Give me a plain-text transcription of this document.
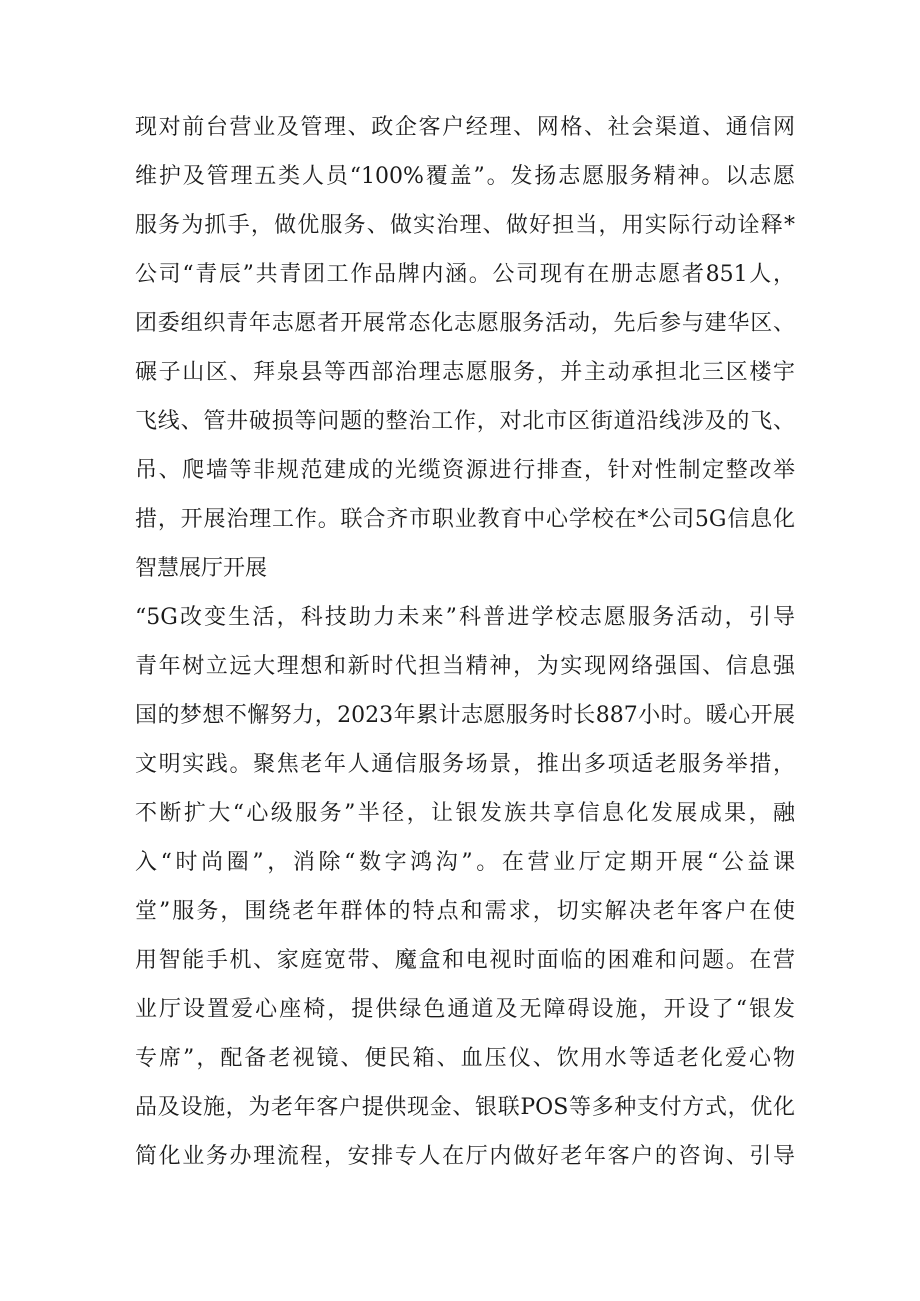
现对前台营业及管理、政企客户经理、网格、社会渠道、通信网
维护及管理五类人员“100%覆盖”。发扬志愿服务精神。以志愿
服务为抓手，做优服务、做实治理、做好担当，用实际行动诠释*
公司“青辰”共青团工作品牌内涵。公司现有在册志愿者851人，
团委组织青年志愿者开展常态化志愿服务活动，先后参与建华区、
碾子山区、拜泉县等西部治理志愿服务，并主动承担北三区楼宇
飞线、管井破损等问题的整治工作，对北市区街道沿线涉及的飞、
吊、爬墙等非规范建成的光缆资源进行排查，针对性制定整改举
措，开展治理工作。联合齐市职业教育中心学校在*公司5G信息化
智慧展厅开展
“5G改变生活，科技助力未来”科普进学校志愿服务活动，引导
青年树立远大理想和新时代担当精神，为实现网络强国、信息强
国的梦想不懈努力，2023年累计志愿服务时长887小时。暖心开展
文明实践。聚焦老年人通信服务场景，推出多项适老服务举措，
不断扩大“心级服务”半径，让银发族共享信息化发展成果，融
入“时尚圈”，消除“数字鸿沟”。在营业厅定期开展“公益课
堂”服务，围绕老年群体的特点和需求，切实解决老年客户在使
用智能手机、家庭宽带、魔盒和电视时面临的困难和问题。在营
业厅设置爱心座椅，提供绿色通道及无障碍设施，开设了“银发
专席”，配备老视镜、便民箱、血压仪、饮用水等适老化爱心物
品及设施，为老年客户提供现金、银联POS等多种支付方式，优化
简化业务办理流程，安排专人在厅内做好老年客户的咨询、引导
